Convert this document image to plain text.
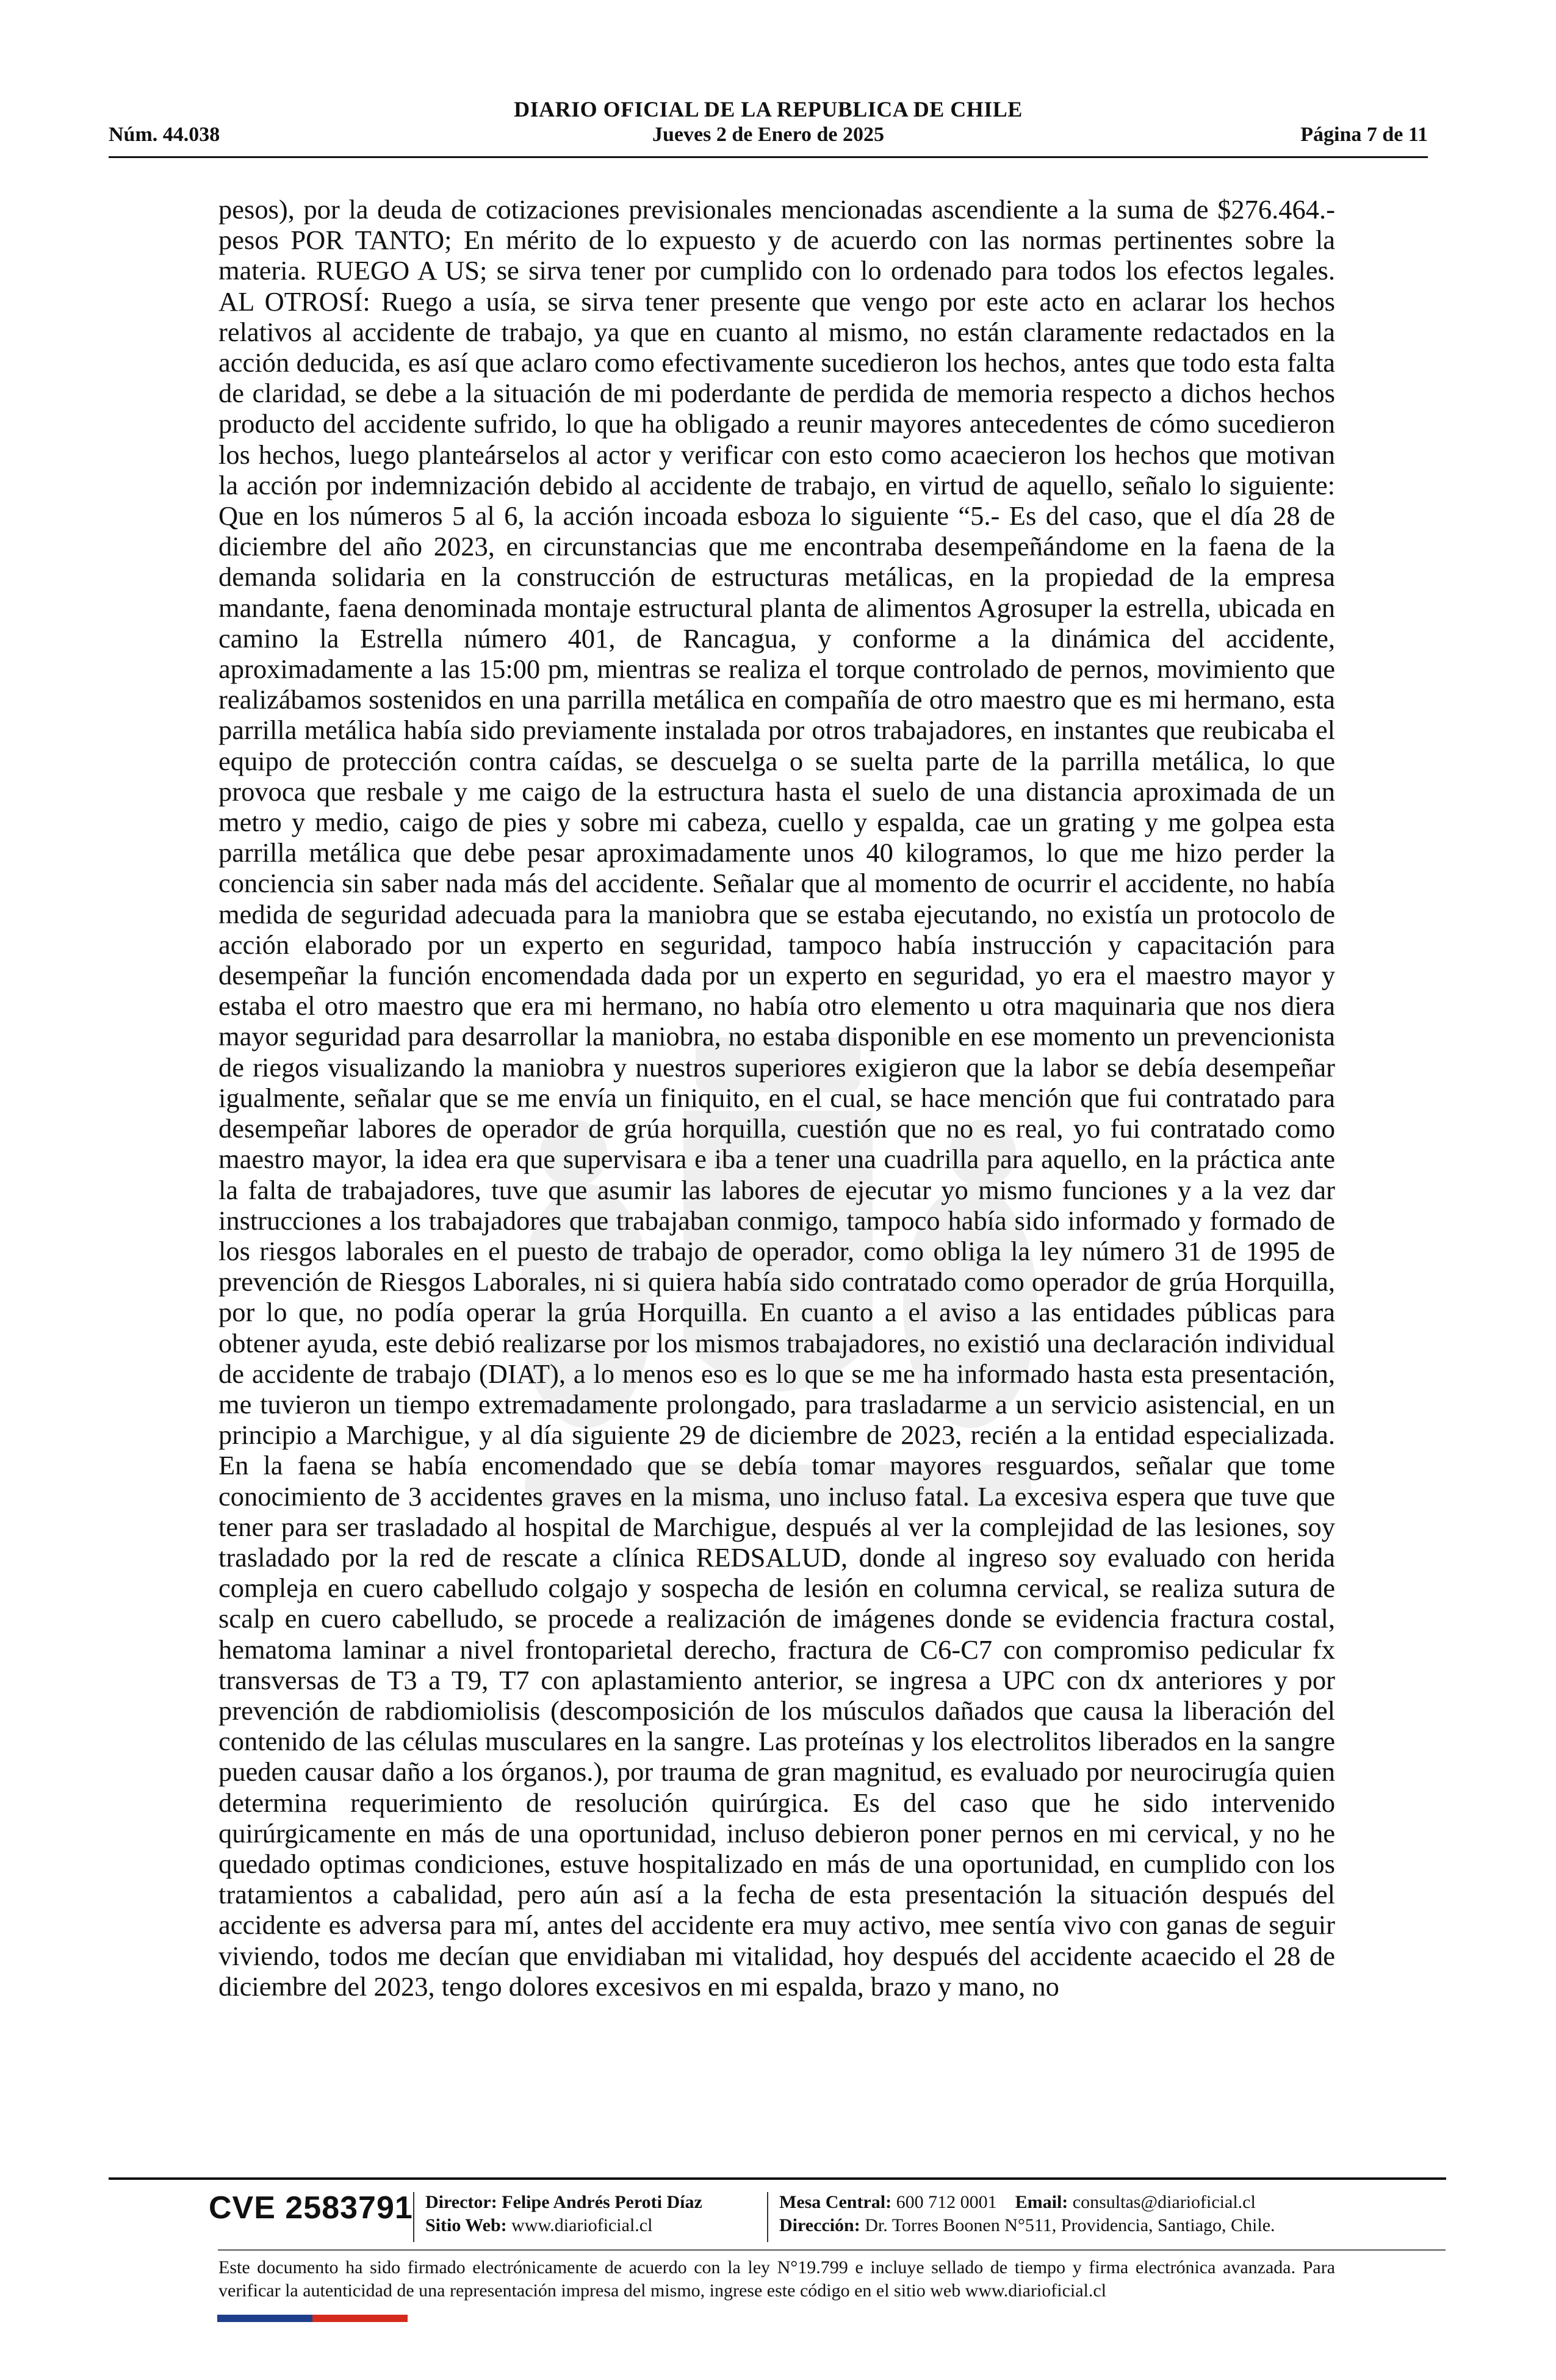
DIARIO OFICIAL DE LA REPUBLICA DE CHILE
Núm. 44.038	Jueves 2 de Enero de 2025	Página 7 de 11

pesos), por la deuda de cotizaciones previsionales mencionadas ascendiente a la suma de $276.464.- pesos POR TANTO; En mérito de lo expuesto y de acuerdo con las normas pertinentes sobre la materia. RUEGO A US; se sirva tener por cumplido con lo ordenado para todos los efectos legales. AL OTROSÍ: Ruego a usía, se sirva tener presente que vengo por este acto en aclarar los hechos relativos al accidente de trabajo, ya que en cuanto al mismo, no están claramente redactados en la acción deducida, es así que aclaro como efectivamente sucedieron los hechos, antes que todo esta falta de claridad, se debe a la situación de mi poderdante de perdida de memoria respecto a dichos hechos producto del accidente sufrido, lo que ha obligado a reunir mayores antecedentes de cómo sucedieron los hechos, luego planteárselos al actor y verificar con esto como acaecieron los hechos que motivan la acción por indemnización debido al accidente de trabajo, en virtud de aquello, señalo lo siguiente: Que en los números 5 al 6, la acción incoada esboza lo siguiente “5.- Es del caso, que el día 28 de diciembre del año 2023, en circunstancias que me encontraba desempeñándome en la faena de la demanda solidaria en la construcción de estructuras metálicas, en la propiedad de la empresa mandante, faena denominada montaje estructural planta de alimentos Agrosuper la estrella, ubicada en camino la Estrella número 401, de Rancagua, y conforme a la dinámica del accidente, aproximadamente a las 15:00 pm, mientras se realiza el torque controlado de pernos, movimiento que realizábamos sostenidos en una parrilla metálica en compañía de otro maestro que es mi hermano, esta parrilla metálica había sido previamente instalada por otros trabajadores, en instantes que reubicaba el equipo de protección contra caídas, se descuelga o se suelta parte de la parrilla metálica, lo que provoca que resbale y me caigo de la estructura hasta el suelo de una distancia aproximada de un metro y medio, caigo de pies y sobre mi cabeza, cuello y espalda, cae un grating y me golpea esta parrilla metálica que debe pesar aproximadamente unos 40 kilogramos, lo que me hizo perder la conciencia sin saber nada más del accidente. Señalar que al momento de ocurrir el accidente, no había medida de seguridad adecuada para la maniobra que se estaba ejecutando, no existía un protocolo de acción elaborado por un experto en seguridad, tampoco había instrucción y capacitación para desempeñar la función encomendada dada por un experto en seguridad, yo era el maestro mayor y estaba el otro maestro que era mi hermano, no había otro elemento u otra maquinaria que nos diera mayor seguridad para desarrollar la maniobra, no estaba disponible en ese momento un prevencionista de riegos visualizando la maniobra y nuestros superiores exigieron que la labor se debía desempeñar igualmente, señalar que se me envía un finiquito, en el cual, se hace mención que fui contratado para desempeñar labores de operador de grúa horquilla, cuestión que no es real, yo fui contratado como maestro mayor, la idea era que supervisara e iba a tener una cuadrilla para aquello, en la práctica ante la falta de trabajadores, tuve que asumir las labores de ejecutar yo mismo funciones y a la vez dar instrucciones a los trabajadores que trabajaban conmigo, tampoco había sido informado y formado de los riesgos laborales en el puesto de trabajo de operador, como obliga la ley número 31 de 1995 de prevención de Riesgos Laborales, ni si quiera había sido contratado como operador de grúa Horquilla, por lo que, no podía operar la grúa Horquilla. En cuanto a el aviso a las entidades públicas para obtener ayuda, este debió realizarse por los mismos trabajadores, no existió una declaración individual de accidente de trabajo (DIAT), a lo menos eso es lo que se me ha informado hasta esta presentación, me tuvieron un tiempo extremadamente prolongado, para trasladarme a un servicio asistencial, en un principio a Marchigue, y al día siguiente 29 de diciembre de 2023, recién a la entidad especializada. En la faena se había encomendado que se debía tomar mayores resguardos, señalar que tome conocimiento de 3 accidentes graves en la misma, uno incluso fatal. La excesiva espera que tuve que tener para ser trasladado al hospital de Marchigue, después al ver la complejidad de las lesiones, soy trasladado por la red de rescate a clínica REDSALUD, donde al ingreso soy evaluado con herida compleja en cuero cabelludo colgajo y sospecha de lesión en columna cervical, se realiza sutura de scalp en cuero cabelludo, se procede a realización de imágenes donde se evidencia fractura costal, hematoma laminar a nivel frontoparietal derecho, fractura de C6-C7 con compromiso pedicular fx transversas de T3 a T9, T7 con aplastamiento anterior, se ingresa a UPC con dx anteriores y por prevención de rabdiomiolisis (descomposición de los músculos dañados que causa la liberación del contenido de las células musculares en la sangre. Las proteínas y los electrolitos liberados en la sangre pueden causar daño a los órganos.), por trauma de gran magnitud, es evaluado por neurocirugía quien determina requerimiento de resolución quirúrgica. Es del caso que he sido intervenido quirúrgicamente en más de una oportunidad, incluso debieron poner pernos en mi cervical, y no he quedado optimas condiciones, estuve hospitalizado en más de una oportunidad, en cumplido con los tratamientos a cabalidad, pero aún así a la fecha de esta presentación la situación después del accidente es adversa para mí, antes del accidente era muy activo, mee sentía vivo con ganas de seguir viviendo, todos me decían que envidiaban mi vitalidad, hoy después del accidente acaecido el 28 de diciembre del 2023, tengo dolores excesivos en mi espalda, brazo y mano, no

CVE 2583791 Director: Felipe Andrés Peroti Díaz
Sitio Web: www.diarioficial.cl
Mesa Central: 600 712 0001 Email: consultas@diarioficial.cl
Dirección: Dr. Torres Boonen N°511, Providencia, Santiago, Chile.
Este documento ha sido firmado electrónicamente de acuerdo con la ley N°19.799 e incluye sellado de tiempo y firma electrónica avanzada. Para verificar la autenticidad de una representación impresa del mismo, ingrese este código en el sitio web www.diarioficial.cl
